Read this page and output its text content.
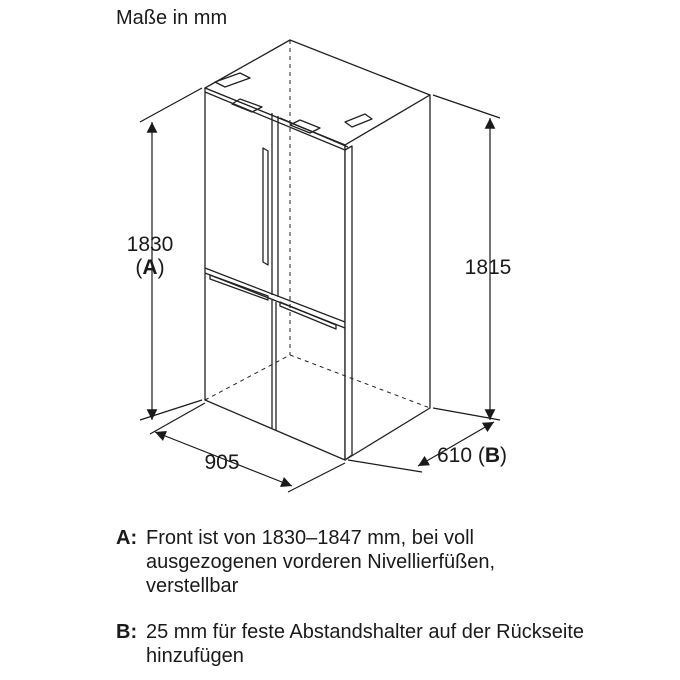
Maße in mm
1830
(A)	1815
905	610 (B)
A: Front ist von 1830–1847 mm, bei voll ausgezogenen vorderen Nivellierfüßen, verstellbar
B: 25 mm für feste Abstandshalter auf der Rückseite hinzufügen
